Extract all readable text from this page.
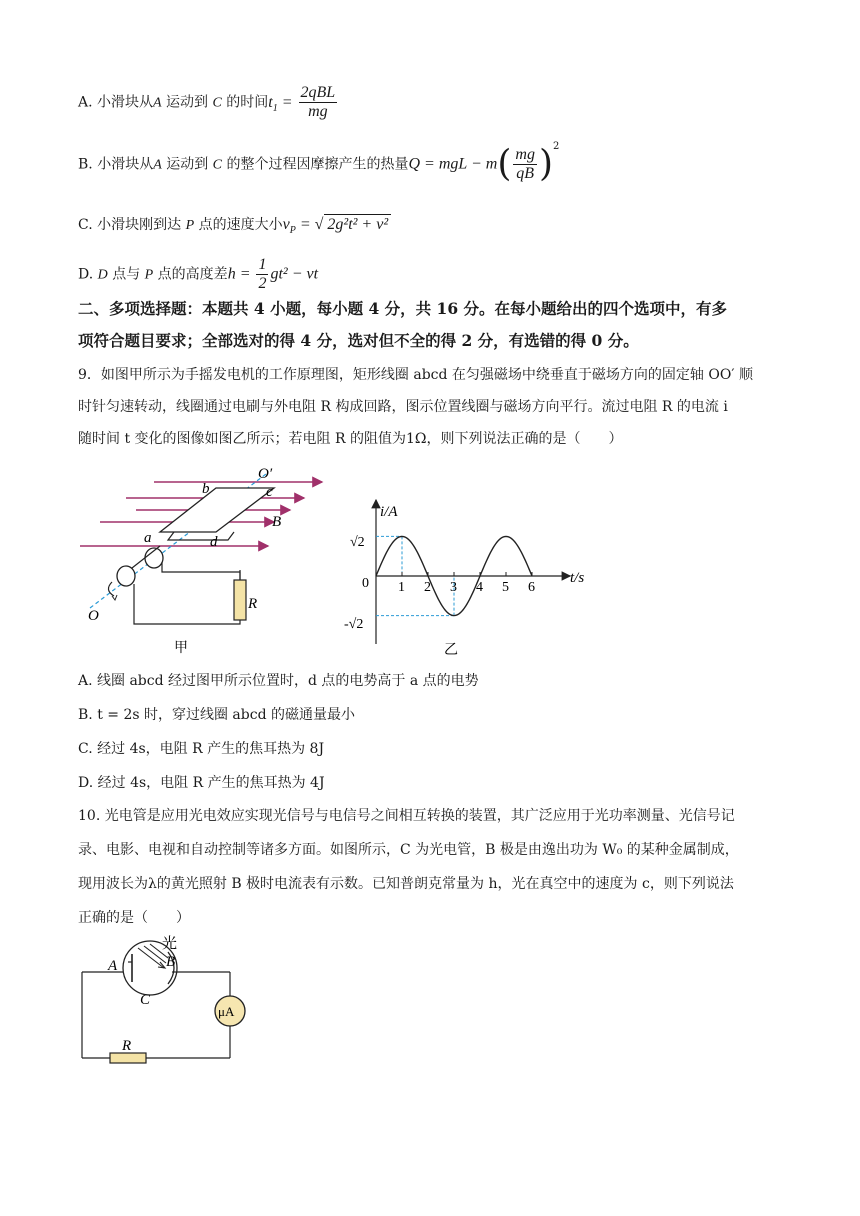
A. 小滑块从A 运动到 C 的时间$t_1 = \frac{\text{2qBL}}{mg}$
B. 小滑块从A 运动到 C 的整个过程因摩擦产生的热量Q = mgL − $m( \frac{mg}{qB} )^2$
C. 小滑块刚到达 P 点的速度大小$v_P$ = √ 2g²t² + v²
D. D 点与 P 点的高度差$h = \frac{1}{2} gt^2$ − vt
二、多项选择题：本题共 4 小题，每小题 4 分，共 16 分。在每小题给出的四个选项中，有多
项符合题目要求；全部选对的得 4 分，选对但不全的得 2 分，有选错的得 0 分。
9．如图甲所示为手摇发电机的工作原理图，矩形线圈 abcd 在匀强磁场中绕垂直于磁场方向的固定轴 OO′ 顺
时针匀速转动，线圈通过电刷与外电阻 R 构成回路，图示位置线圈与磁场方向平行。流过电阻 R 的电流 i
随时间 t 变化的图像如图乙所示；若电阻 R 的阻值为1Ω，则下列说法正确的是（　　）
O′
b	c
B
a	d
R
O
甲
1 2 3 4 5 6
i/A
t/s
0
√2
-√2
乙
A. 线圈 abcd 经过图甲所示位置时，d 点的电势高于 a 点的电势
B. t = 2s 时，穿过线圈 abcd 的磁通量最小
C. 经过 4s，电阻 R 产生的焦耳热为 8J
D. 经过 4s，电阻 R 产生的焦耳热为 4J
10. 光电管是应用光电效应实现光信号与电信号之间相互转换的装置，其广泛应用于光功率测量、光信号记
录、电影、电视和自动控制等诸多方面。如图所示，C 为光电管，B 极是由逸出功为 W₀ 的某种金属制成，
现用波长为λ的黄光照射 B 极时电流表有示数。已知普朗克常量为 h，光在真空中的速度为 c，则下列说法
正确的是（　　）
光
A	B
C
μA
R
